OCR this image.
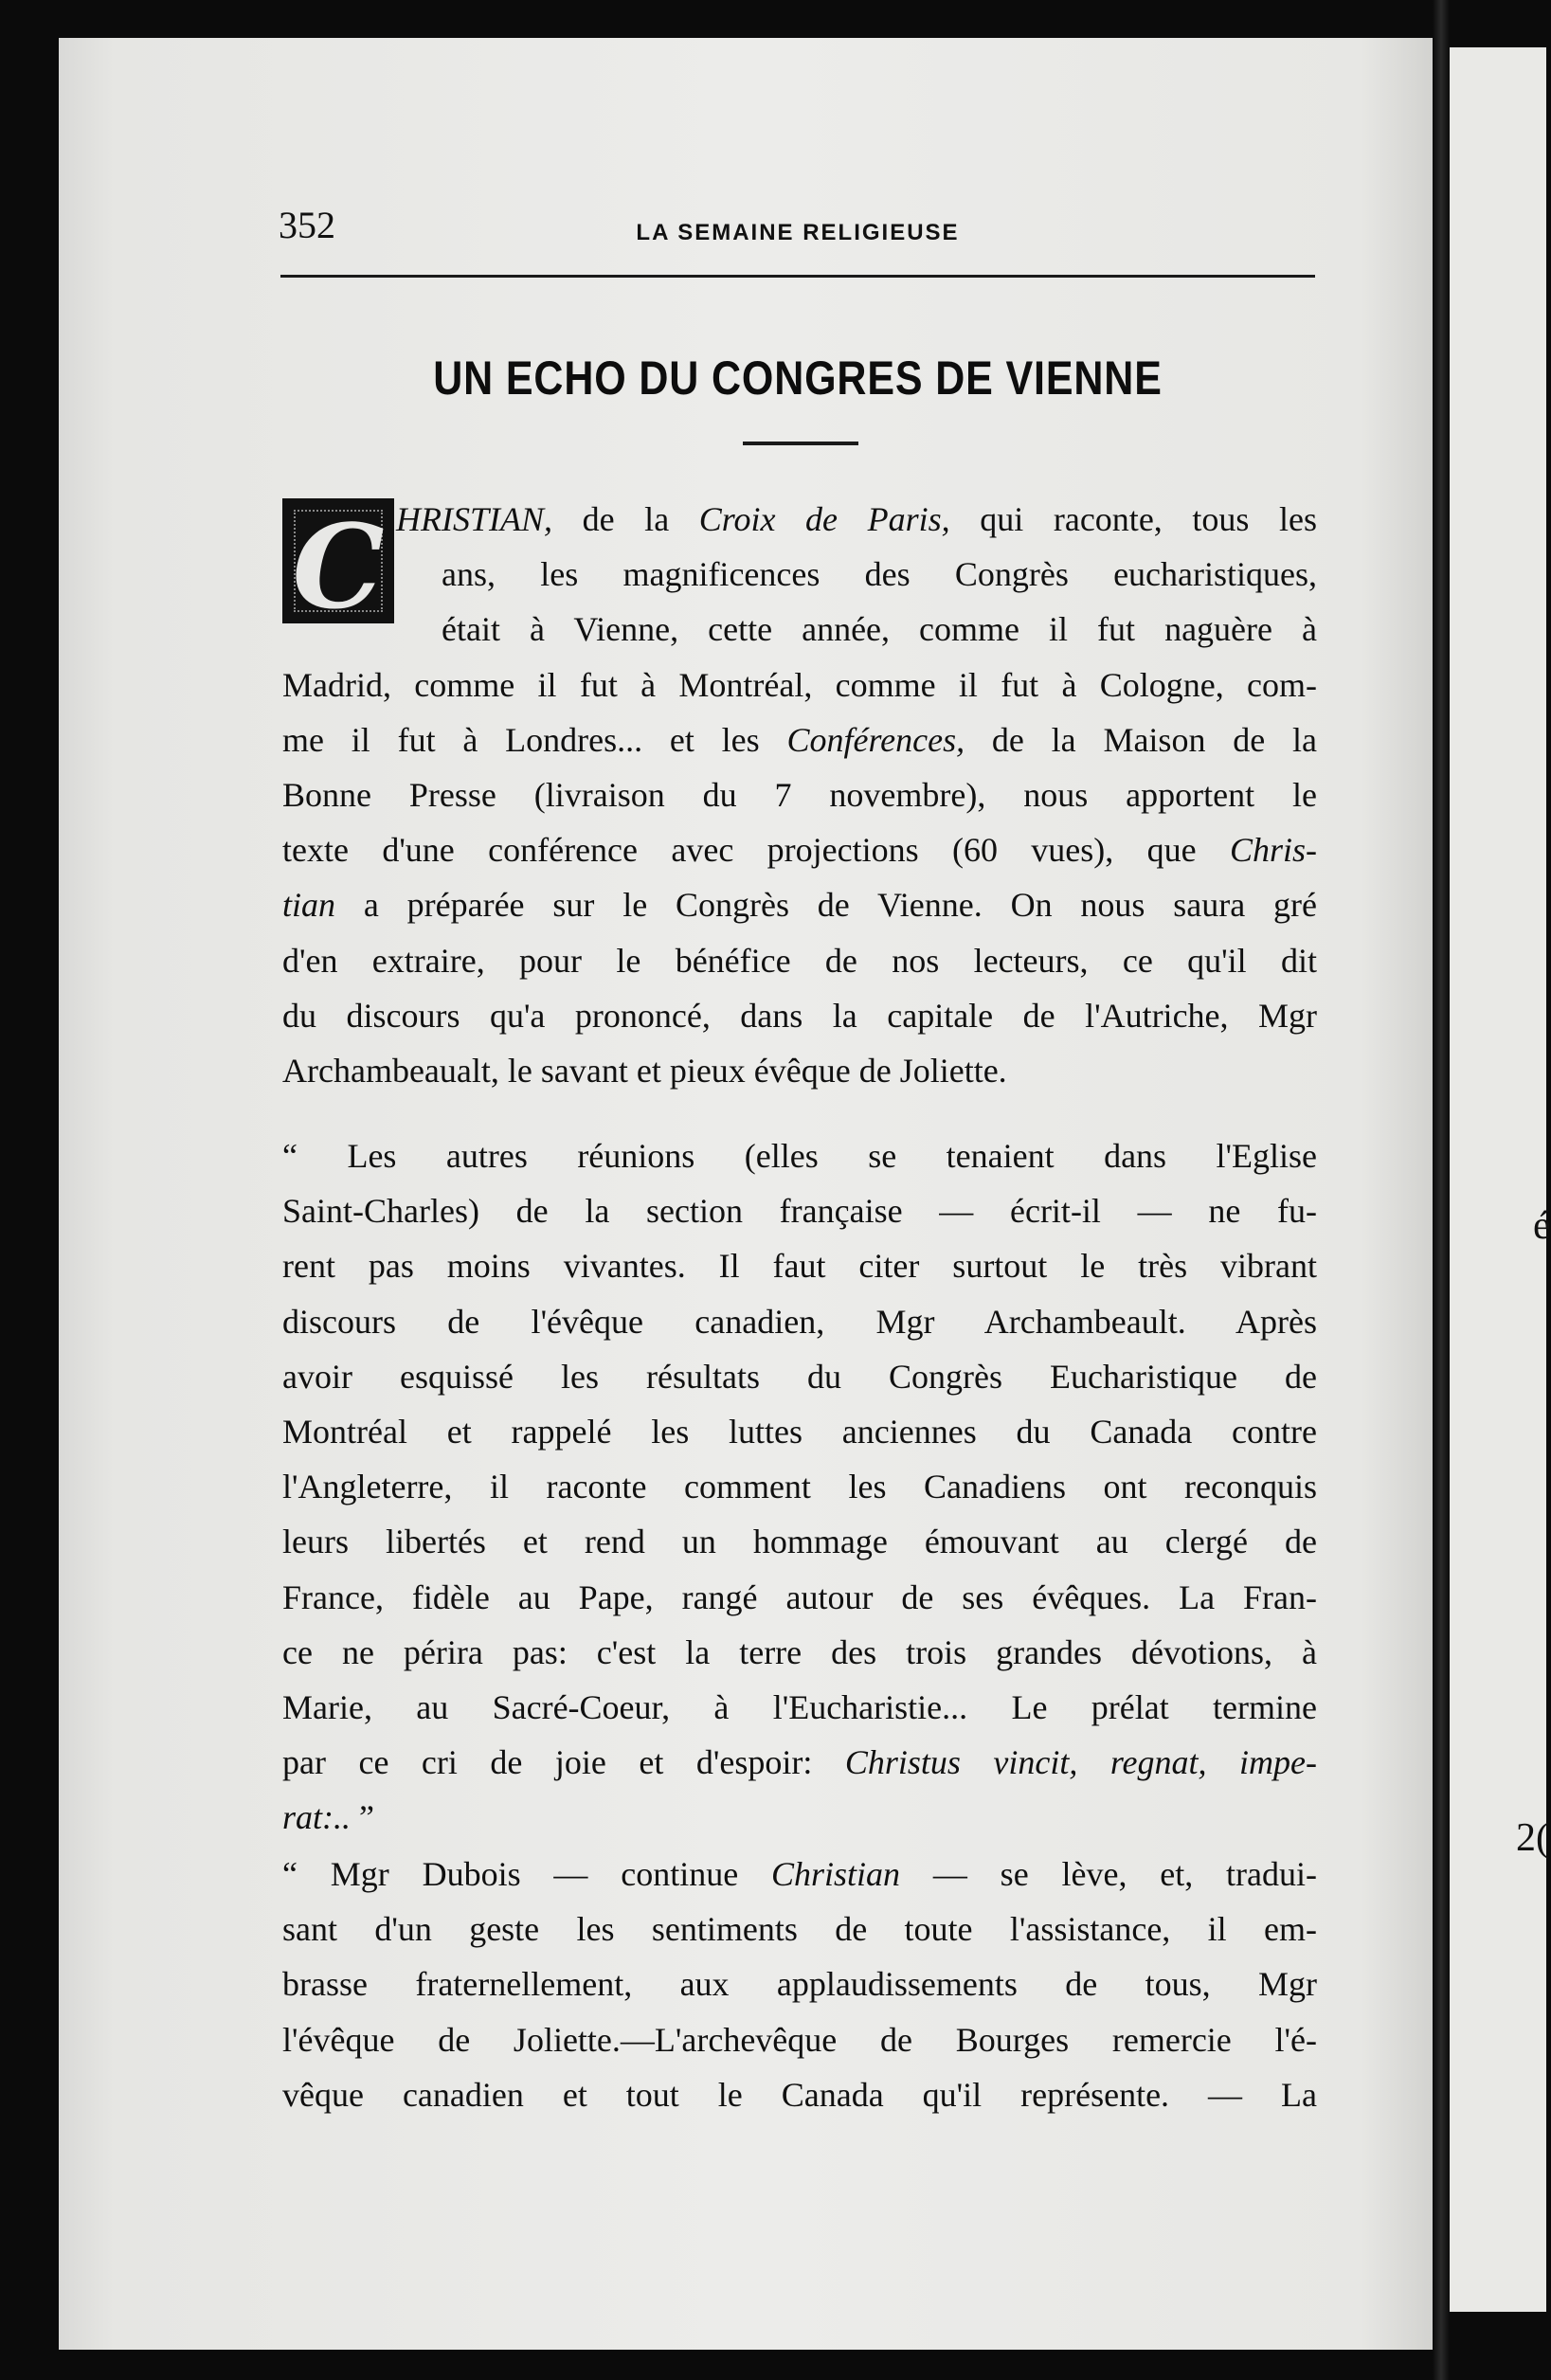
é
2(
352	LA SEMAINE RELIGIEUSE
UN ECHO DU CONGRES DE VIENNE
C HRISTIAN, de la Croix de Paris, qui raconte, tous les
ans, les magnificences des Congrès eucharistiques,
était à Vienne, cette année, comme il fut naguère à
Madrid, comme il fut à Montréal, comme il fut à Cologne, com-
me il fut à Londres... et les Conférences, de la Maison de la
Bonne Presse (livraison du 7 novembre), nous apportent le
texte d'une conférence avec projections (60 vues), que Chris-
tian a préparée sur le Congrès de Vienne. On nous saura gré
d'en extraire, pour le bénéfice de nos lecteurs, ce qu'il dit
du discours qu'a prononcé, dans la capitale de l'Autriche, Mgr
Archambeaualt, le savant et pieux évêque de Joliette.
“ Les autres réunions (elles se tenaient dans l'Eglise
Saint-Charles) de la section française — écrit-il — ne fu-
rent pas moins vivantes. Il faut citer surtout le très vibrant
discours de l'évêque canadien, Mgr Archambeault. Après
avoir esquissé les résultats du Congrès Eucharistique de
Montréal et rappelé les luttes anciennes du Canada contre
l'Angleterre, il raconte comment les Canadiens ont reconquis
leurs libertés et rend un hommage émouvant au clergé de
France, fidèle au Pape, rangé autour de ses évêques. La Fran-
ce ne périra pas: c'est la terre des trois grandes dévotions, à
Marie, au Sacré-Coeur, à l'Eucharistie... Le prélat termine
par ce cri de joie et d'espoir: Christus vincit, regnat, impe-
rat:.. ”
“ Mgr Dubois — continue Christian — se lève, et, tradui-
sant d'un geste les sentiments de toute l'assistance, il em-
brasse fraternellement, aux applaudissements de tous, Mgr
l'évêque de Joliette.—L'archevêque de Bourges remercie l'é-
vêque canadien et tout le Canada qu'il représente. — La
